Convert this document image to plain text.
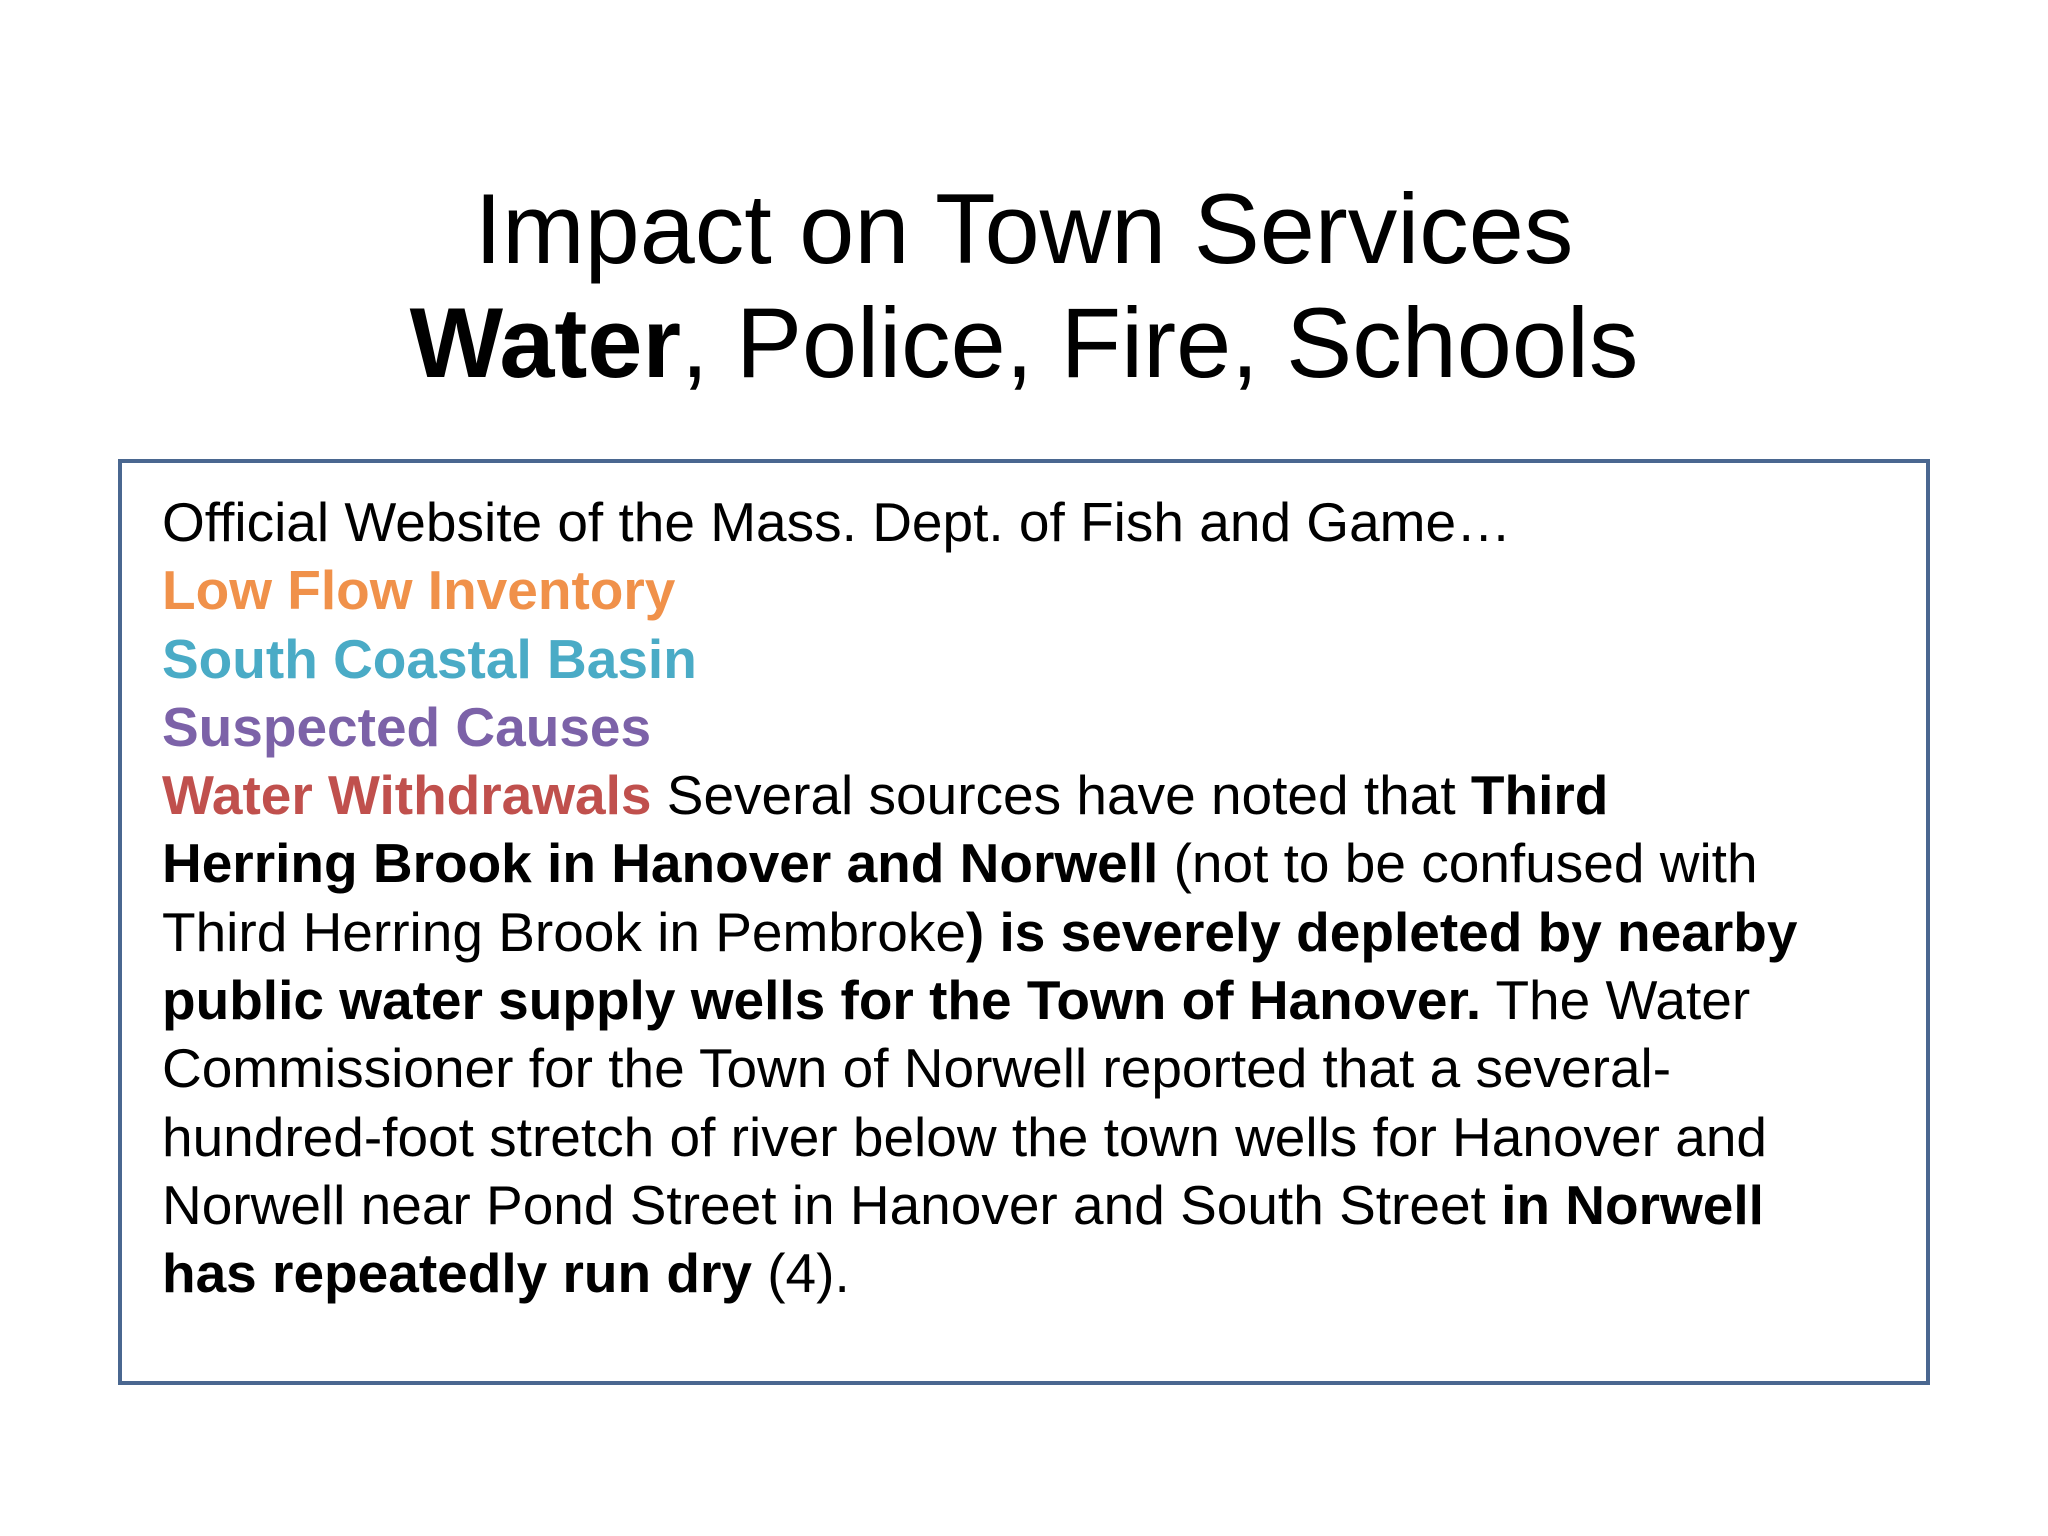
Impact on Town Services
Water, Police, Fire, Schools
Official Website of the Mass. Dept. of Fish and Game…
Low Flow Inventory
South Coastal Basin
Suspected Causes
Water Withdrawals Several sources have noted that Third
Herring Brook in Hanover and Norwell (not to be confused with
Third Herring Brook in Pembroke) is severely depleted by nearby
public water supply wells for the Town of Hanover. The Water
Commissioner for the Town of Norwell reported that a several-
hundred-foot stretch of river below the town wells for Hanover and
Norwell near Pond Street in Hanover and South Street in Norwell
has repeatedly run dry (4).
